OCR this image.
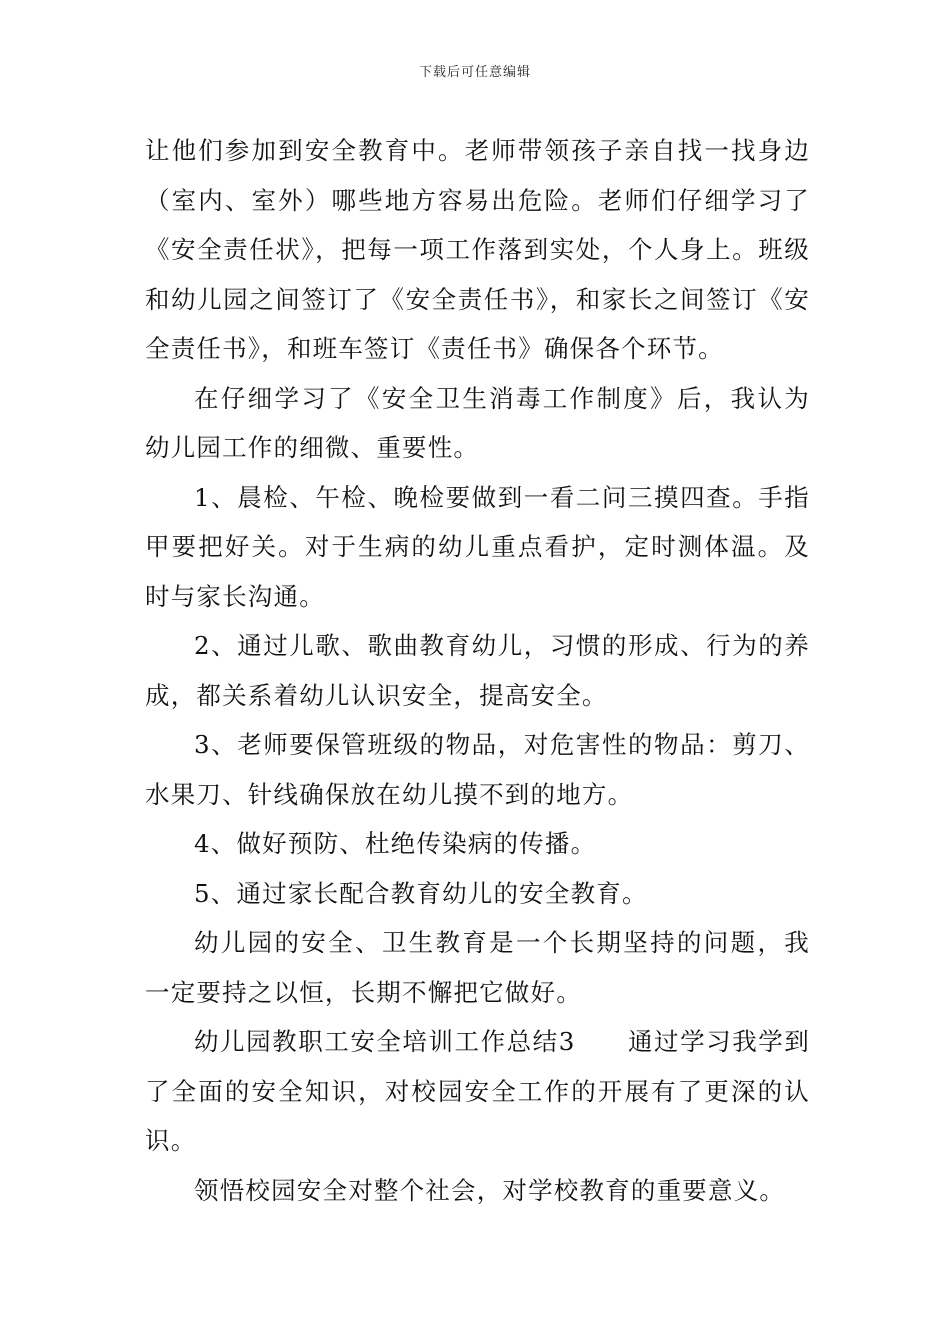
下载后可任意编辑

让他们参加到安全教育中。老师带领孩子亲自找一找身边（室内、室外）哪些地方容易出危险。老师们仔细学习了《安全责任状》，把每一项工作落到实处，个人身上。班级和幼儿园之间签订了《安全责任书》，和家长之间签订《安全责任书》，和班车签订《责任书》确保各个环节。

在仔细学习了《安全卫生消毒工作制度》后，我认为幼儿园工作的细微、重要性。

1、晨检、午检、晚检要做到一看二问三摸四查。手指甲要把好关。对于生病的幼儿重点看护，定时测体温。及时与家长沟通。

2、通过儿歌、歌曲教育幼儿，习惯的形成、行为的养成，都关系着幼儿认识安全，提高安全。

3、老师要保管班级的物品，对危害性的物品：剪刀、水果刀、针线确保放在幼儿摸不到的地方。

4、做好预防、杜绝传染病的传播。

5、通过家长配合教育幼儿的安全教育。

幼儿园的安全、卫生教育是一个长期坚持的问题，我一定要持之以恒，长期不懈把它做好。

幼儿园教职工安全培训工作总结3　　通过学习我学到了全面的安全知识，对校园安全工作的开展有了更深的认识。

领悟校园安全对整个社会，对学校教育的重要意义。
